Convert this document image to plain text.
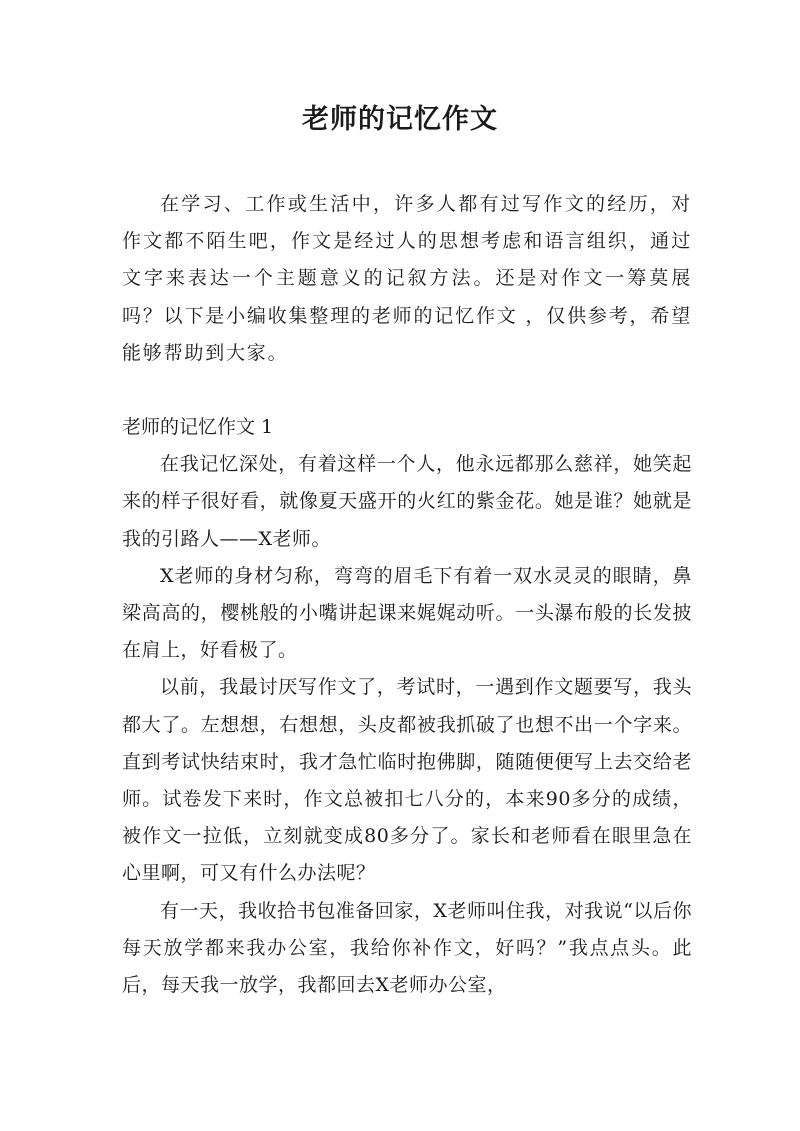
老师的记忆作文

在学习、工作或生活中，许多人都有过写作文的经历，对作文都不陌生吧，作文是经过人的思想考虑和语言组织，通过文字来表达一个主题意义的记叙方法。还是对作文一筹莫展吗？以下是小编收集整理的老师的记忆作文 ，仅供参考，希望能够帮助到大家。

老师的记忆作文 1

在我记忆深处，有着这样一个人，他永远都那么慈祥，她笑起来的样子很好看，就像夏天盛开的火红的紫金花。她是谁？她就是我的引路人——X老师。

X老师的身材匀称，弯弯的眉毛下有着一双水灵灵的眼睛，鼻梁高高的，樱桃般的小嘴讲起课来娓娓动听。一头瀑布般的长发披在肩上，好看极了。

以前，我最讨厌写作文了，考试时，一遇到作文题要写，我头都大了。左想想，右想想，头皮都被我抓破了也想不出一个字来。直到考试快结束时，我才急忙临时抱佛脚，随随便便写上去交给老师。试卷发下来时，作文总被扣七八分的，本来90多分的成绩，被作文一拉低，立刻就变成80多分了。家长和老师看在眼里急在心里啊，可又有什么办法呢？

有一天，我收拾书包准备回家，X老师叫住我，对我说“以后你每天放学都来我办公室，我给你补作文，好吗？”我点点头。此后，每天我一放学，我都回去X老师办公室，
